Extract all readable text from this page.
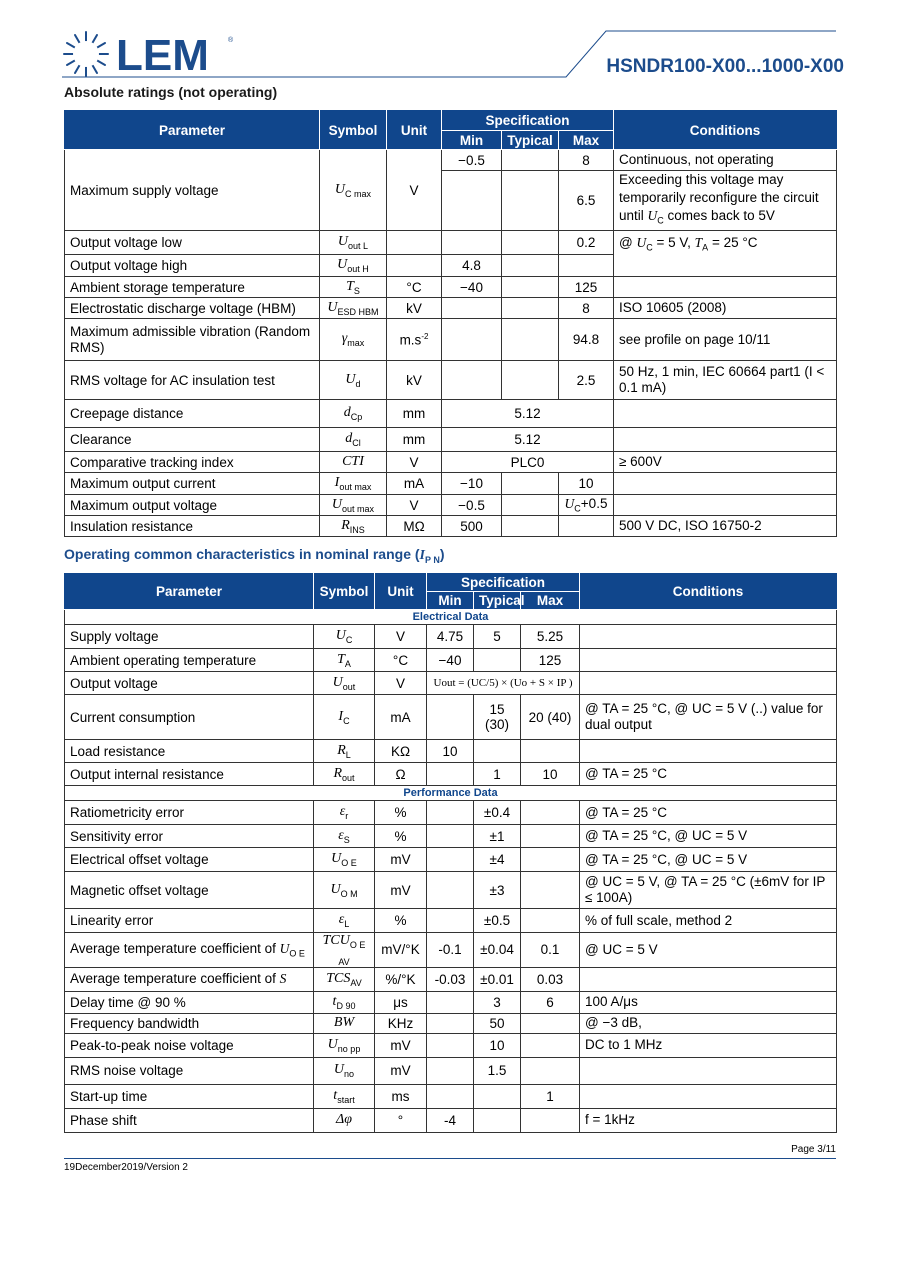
LEM	®
HSNDR100-X00...1000-X00
Absolute ratings (not operating)
Parameter	Symbol	Unit	Specification			Conditions
			Min	Typical	Max	
Maximum supply voltage	$U_{C max}$	V	−0.5		8	Continuous, not operating
					6.5	Exceeding this voltage may temporarily reconfigure the circuit until $U_C$ comes back to 5V
Output voltage low	$U_{out L}$				0.2	@ $U_C = 5$ V, $T_A = 25$ °C
Output voltage high	$U_{out H}$		4.8			
Ambient storage temperature	$T_S$	°C	−40		125	
Electrostatic discharge voltage (HBM)	$U_{ESD HBM}$	kV			8	ISO 10605 (2008)
Maximum admissible vibration (Random RMS)	$\gamma_{max}$	$m.s^{-2}$			94.8	see profile on page 10/11
RMS voltage for AC insulation test	$U_d$	kV			2.5	50 Hz, 1 min, IEC 60664 part1 (I < 0.1 mA)
Creepage distance	$d_{Cp}$	mm	5.12			
Clearance	$d_{Cl}$	mm	5.12			
Comparative tracking index	CTI	V	PLC0			≥ 600V
Maximum output current	$I_{out max}$	mA	−10		10	
Maximum output voltage	$U_{out max}$	V	−0.5		$U_C+0.5$	
Insulation resistance	$R_{INS}$	MΩ	500			500 V DC, ISO 16750-2
Operating common characteristics in nominal range $(I_{P N})$
Parameter	Symbol	Unit	Specification			Conditions
			Min	Typical	Max	
Electrical Data						
Supply voltage	$U_C$	V	4.75	5	5.25	
Ambient operating temperature	$T_A$	°C	−40		125	
Output voltage	$U_{out}$	V	Uout = (UC/5) × (Uo + S × IP )			
Current consumption	$I_C$	mA		15 (30)	20 (40)	@ TA = 25 °C, @ UC = 5 V (..) value for dual output
Load resistance	$R_L$	KΩ	10			
Output internal resistance	$R_{out}$	Ω		1	10	@ TA = 25 °C
Performance Data						
Ratiometricity error	$\varepsilon_r$	%		±0.4		@ TA = 25 °C
Sensitivity error	$\varepsilon_S$	%		±1		@ TA = 25 °C, @ UC = 5 V
Electrical offset voltage	$U_{O E}$	mV		±4		@ TA = 25 °C, @ UC = 5 V
Magnetic offset voltage	$U_{O M}$	mV		±3		@ UC = 5 V, @ TA = 25 °C (±6mV for IP ≤ 100A)
Linearity error	$\varepsilon_L$	%		±0.5		% of full scale, method 2
Average temperature coefficient of $U_{O E}$	$TCU_{O E AV}$	mV/°K	-0.1	±0.04	0.1	@ UC = 5 V
Average temperature coefficient of S	$TCS_{AV}$	%/°K	-0.03	±0.01	0.03	
Delay time @ 90 %	$t_{D 90}$	μs		3	6	100 A/μs
Frequency bandwidth	BW	KHz		50		@ −3 dB,
Peak-to-peak noise voltage	$U_{no pp}$	mV		10		DC to 1 MHz
RMS noise voltage	$U_{no}$	mV		1.5		
Start-up time	$t_{start}$	ms			1	
Phase shift	Δφ	°	-4			f = 1kHz
Page 3/11
19December2019/Version 2
